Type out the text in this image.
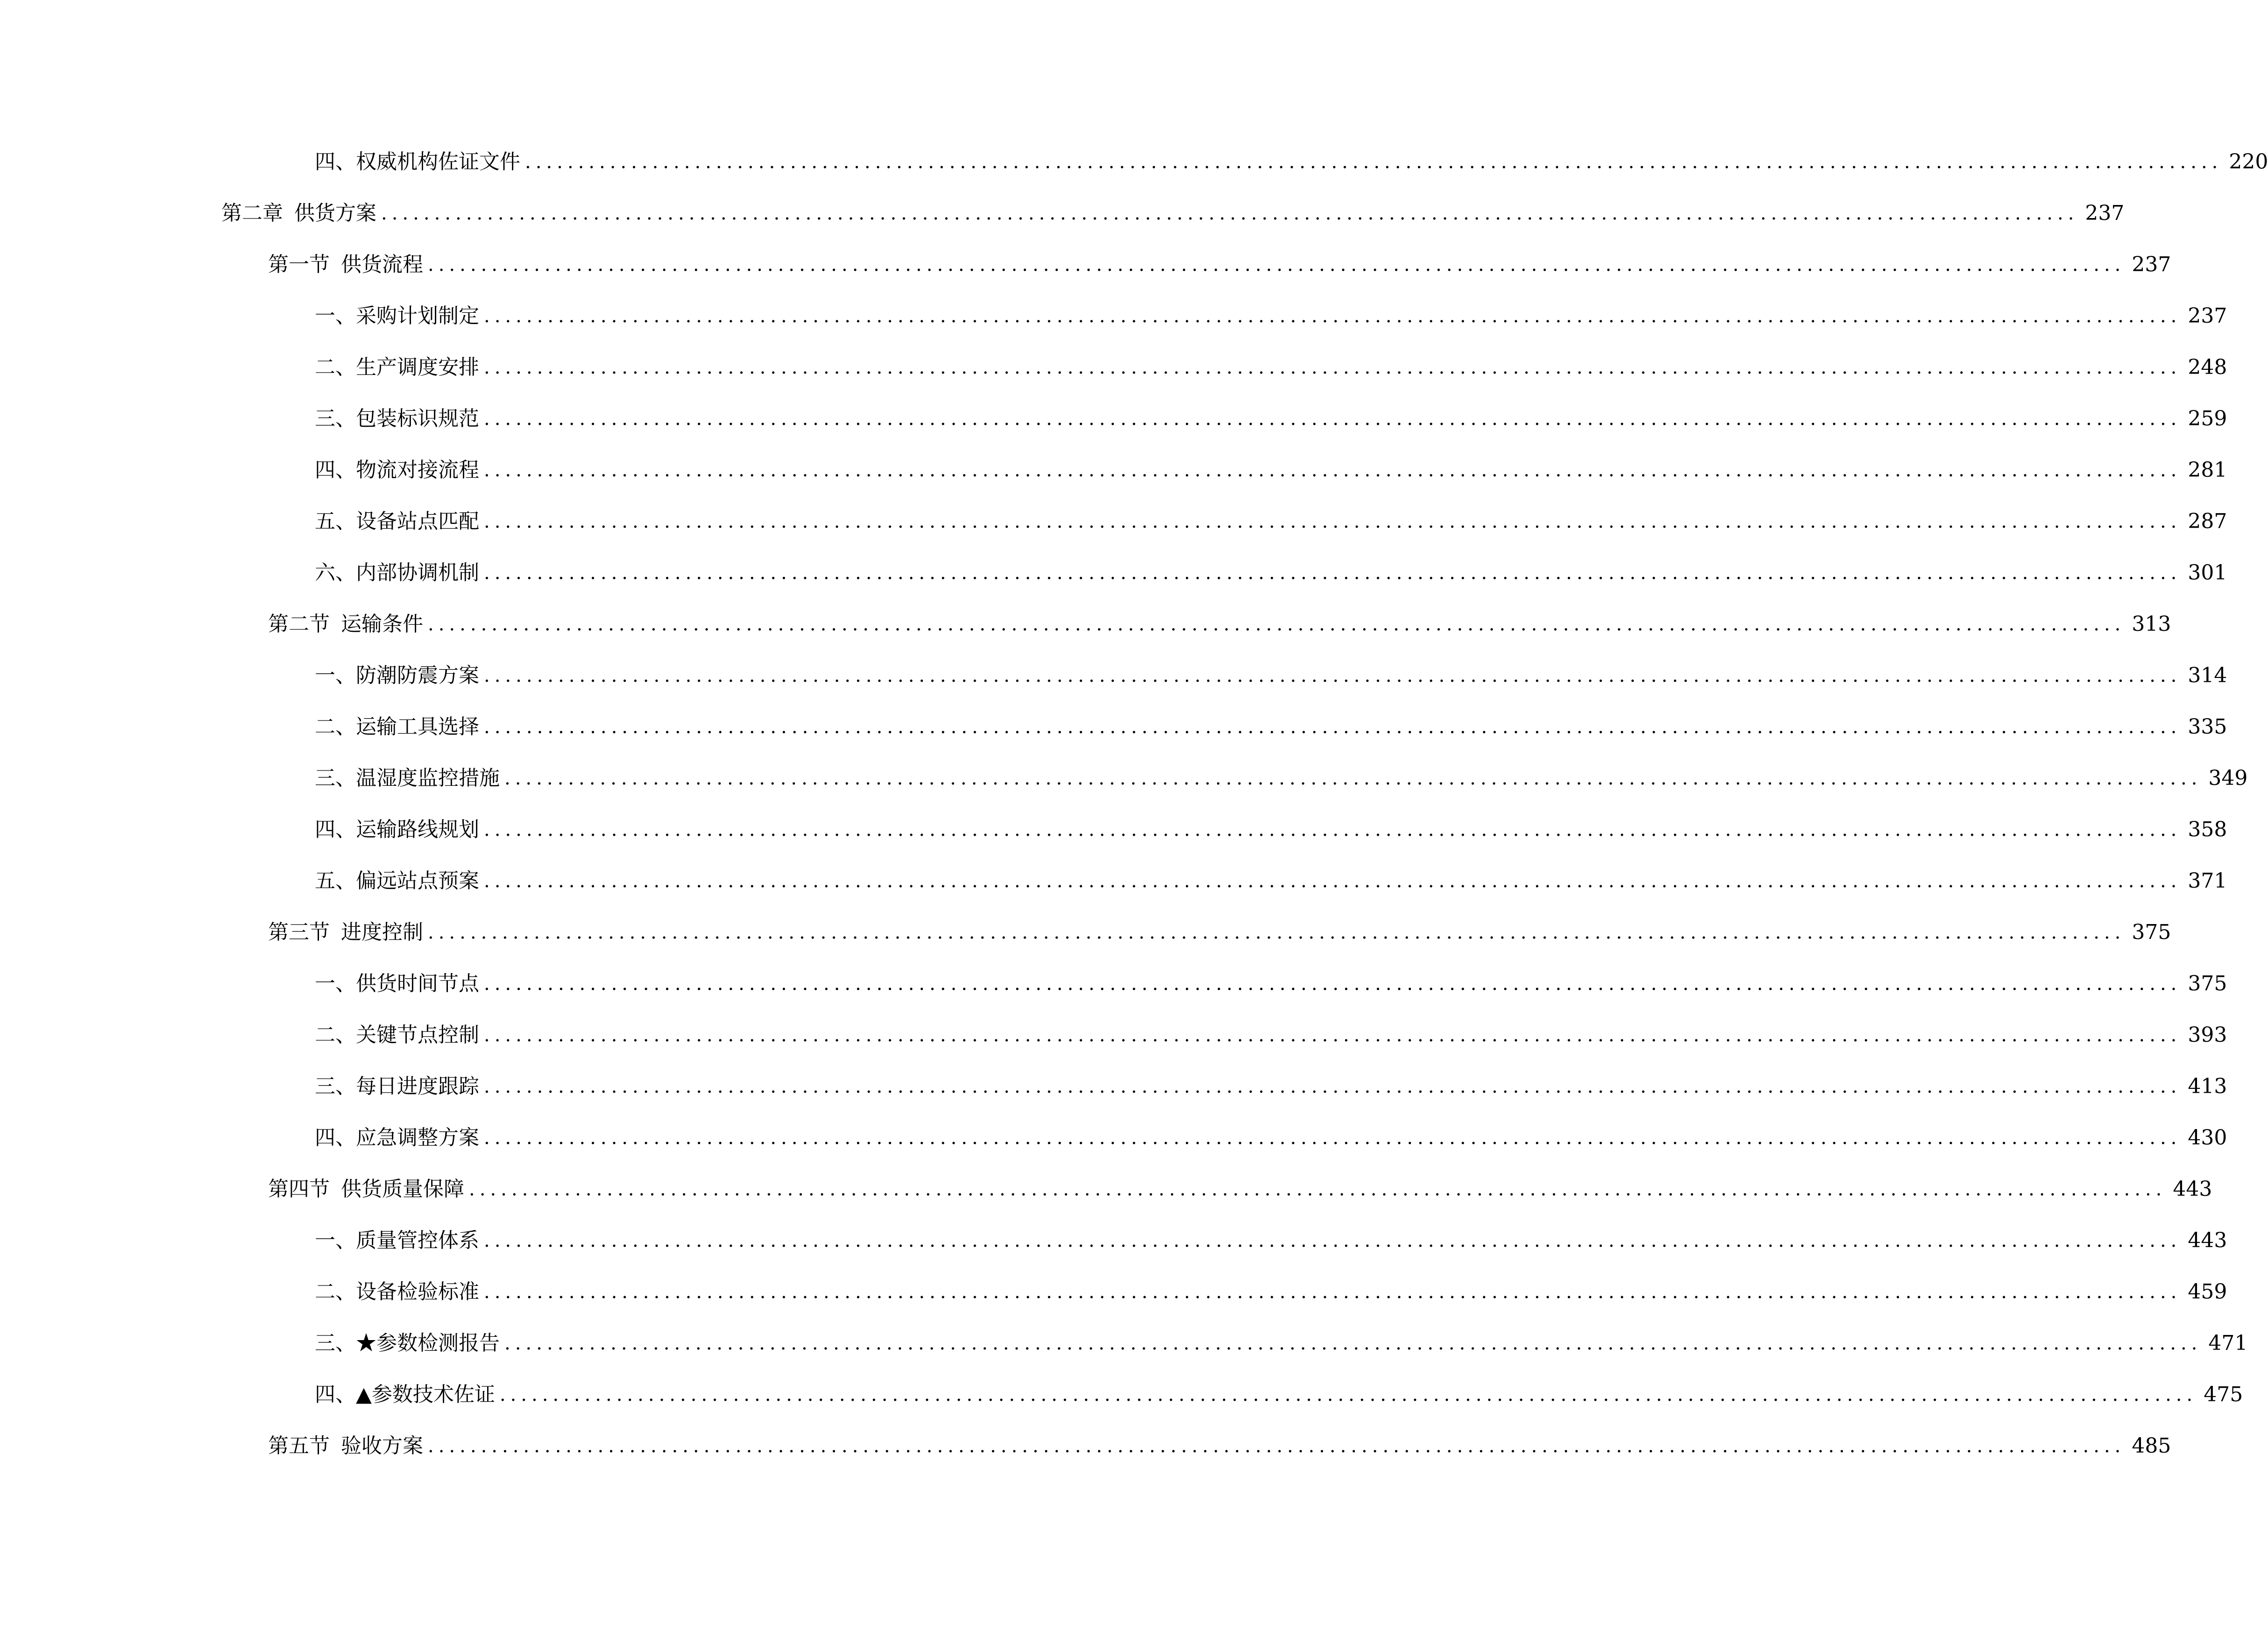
四、 权威机构佐证文件 ................................................................................................................................................................ 220
第二章 供货方案 ................................................................................................................................................................ 237
第一节 供货流程 ................................................................................................................................................................ 237
一、 采购计划制定 ................................................................................................................................................................ 237
二、 生产调度安排 ................................................................................................................................................................ 248
三、 包装标识规范 ................................................................................................................................................................ 259
四、 物流对接流程 ................................................................................................................................................................ 281
五、 设备站点匹配 ................................................................................................................................................................ 287
六、 内部协调机制 ................................................................................................................................................................ 301
第二节 运输条件 ................................................................................................................................................................ 313
一、 防潮防震方案 ................................................................................................................................................................ 314
二、 运输工具选择 ................................................................................................................................................................ 335
三、 温湿度监控措施 ................................................................................................................................................................ 349
四、 运输路线规划 ................................................................................................................................................................ 358
五、 偏远站点预案 ................................................................................................................................................................ 371
第三节 进度控制 ................................................................................................................................................................ 375
一、 供货时间节点 ................................................................................................................................................................ 375
二、 关键节点控制 ................................................................................................................................................................ 393
三、 每日进度跟踪 ................................................................................................................................................................ 413
四、 应急调整方案 ................................................................................................................................................................ 430
第四节 供货质量保障 ................................................................................................................................................................ 443
一、 质量管控体系 ................................................................................................................................................................ 443
二、 设备检验标准 ................................................................................................................................................................ 459
三、 ★参数检测报告 ................................................................................................................................................................ 471
四、 ▲参数技术佐证 ................................................................................................................................................................ 475
第五节 验收方案 ................................................................................................................................................................ 485
